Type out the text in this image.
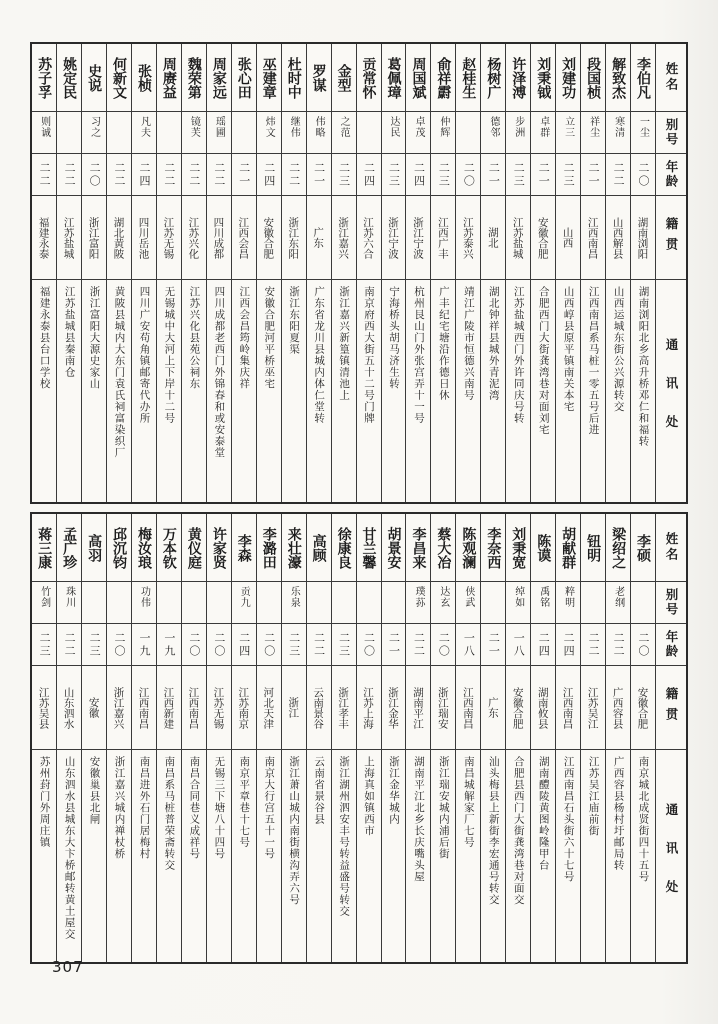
姓名
别号
年龄
籍贯
通讯处
李伯凡
一尘
二〇
湖南浏阳
湖南浏阳北乡高升桥邓仁和福转
解致杰
寒清
二二
山西解县
山西运城东街公兴源转交
段国桢
祥尘
二一
江西南昌
江西南昌系马桩一零五号后进
刘建功
立三
二三
山西
山西崞县原平镇南关本宅
刘秉钺
卓群
二一
安徽合肥
合肥西门大街龚湾巷对面刘宅
许泽溥
步洲
二三
江苏盐城
江苏盐城西门外许同庆号转
杨树广
德邻
二一
湖北
湖北钟祥县城外青泥湾
赵桂生
二〇
江苏泰兴
靖江广陵市恒德兴南号
俞祥霨
仲辉
二三
江西广丰
广丰纪宅塘沿作德日休
周国斌
卓茂
二四
浙江宁波
杭州艮山门外张宫弄十一号
葛佩璋
达民
二三
浙江宁波
宁海桥头胡马济生转
贡常怀
二四
江苏六合
南京府西大街五十二号门牌
金型
之范
二三
浙江嘉兴
浙江嘉兴新篁镇清池上
罗谋
伟略
二一
广东
广东省龙川县城内体仁堂转
杜时中
继伟
二二
浙江东阳
浙江东阳夏渠
巫建章
炜文
二四
安徽合肥
安徽合肥河平桥巫宅
张心田
二一
江西会昌
江西会昌筠岭集庆祥
周家远
瑶圃
二二
四川成都
四川成都老西门外锦春和或安泰堂
魏荣第
镜芙
二二
江苏兴化
江苏兴化县苑公祠东
周赓益
二二
江苏无锡
无锡城中大河上下岸十二号
张桢
凡夫
二四
四川岳池
四川广安苟角镇邮寄代办所
何新文
二二
湖北黄陂
黄陂县城内大东门袁氏祠富染织厂
史说
习之
二〇
浙江富阳
浙江富阳大源史家山
姚定民
二二
江苏盐城
江苏盐城县秦南仓
苏子孚
则诚
二二
福建永泰
福建永泰县台口学校
姓名
别号
年龄
籍贯
通讯处
李硕
二〇
安徽合肥
南京城北成贤街四十五号
梁绍之
老纲
二二
广西容县
广西容县杨村圩邮局转
钮明
二二
江苏吴江
江苏吴江庙前街
胡献群
粹明
二四
江西南昌
江西南昌石头街六十七号
陈谟
禹铭
二四
湖南攸县
湖南醴陵黄图岭隆甲台
刘秉宽
绰如
一八
安徽合肥
合肥县西门大街龚湾巷对面交
李奈西
二一
广东
汕头梅县上新街李宏通号转交
陈观澜
侠武
一八
江西南昌
南昌城解家厂七号
蔡大冶
达玄
二〇
浙江瑞安
浙江瑞安城内浦后街
李昌来
璞荪
二二
湖南平江
湖南平江北乡长庆嘴头屋
胡景安
二一
浙江金华
浙江金华城内
甘兰馨
二〇
江苏上海
上海真如镇西市
徐康良
二三
浙江孝丰
浙江湖州泗安丰号转益盛号转交
高顾
二二
云南景谷
云南省景谷县
来壮濠
乐泉
二三
浙江
浙江萧山城内南街横沟弄六号
李潞田
二〇
河北天津
南京大行宫五十一号
李森
贡九
二四
江苏南京
南京平章巷十七号
许家贤
二〇
江苏无锡
无锡三下塘八十四号
黄仪庭
二〇
江西南昌
南昌合同巷义成祥号
万本钦
一九
江西新建
南昌系马桩普荣斋转交
梅汝琅
功伟
一九
江西南昌
南昌进外石门居梅村
邱沉钧
二〇
浙江嘉兴
浙江嘉兴城内禅杖桥
高羽
二三
安徽
安徽巢县北闸
孟广珍
珠川
二二
山东泗水
山东泗水县城东大卞桥邮转黄土屋交
蒋三康
竹剑
二三
江苏吴县
苏州葑门外周庄镇
307
